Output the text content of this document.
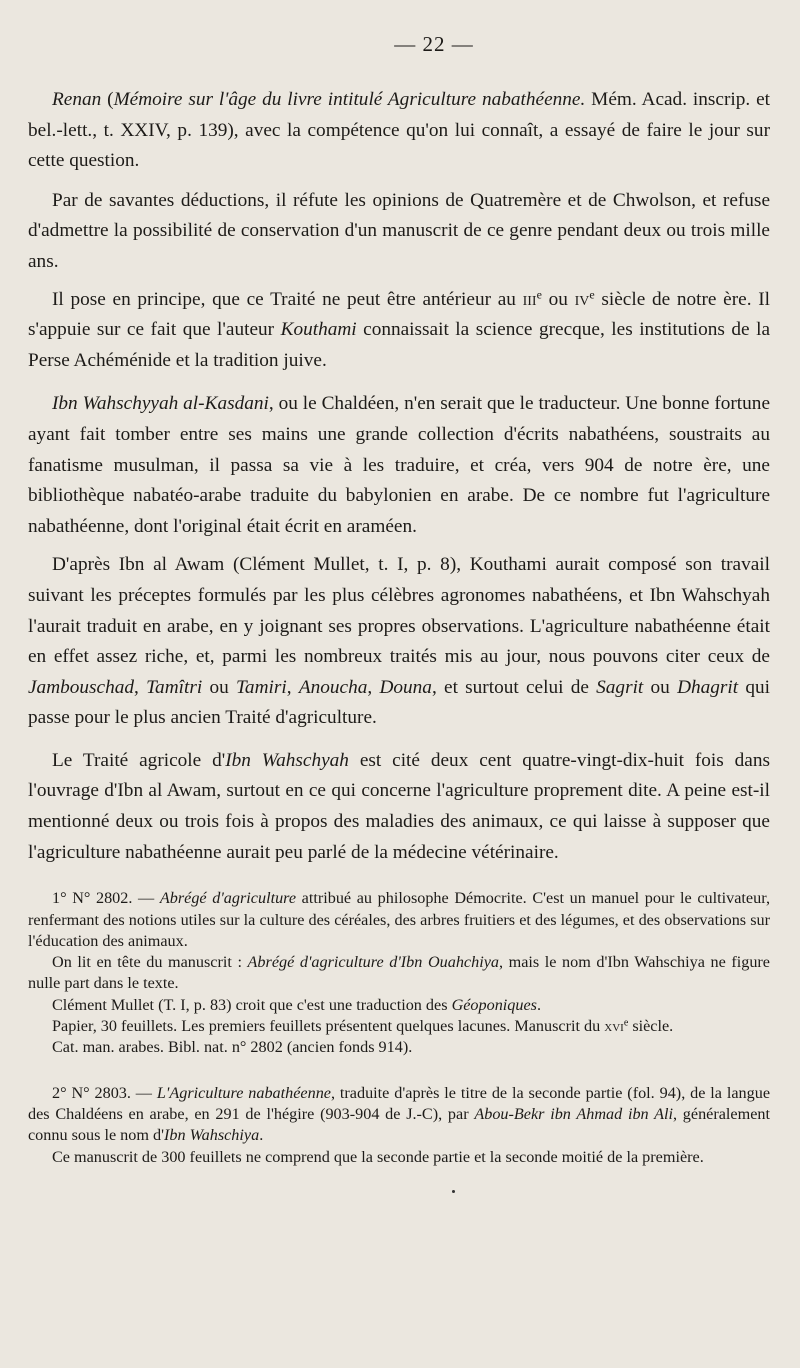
— 22 —

Renan (Mémoire sur l'âge du livre intitulé Agriculture nabathéenne. Mém. Acad. inscrip. et bel.-lett., t. XXIV, p. 139), avec la compétence qu'on lui connaît, a essayé de faire le jour sur cette question.

Par de savantes déductions, il réfute les opinions de Quatremère et de Chwolson, et refuse d'admettre la possibilité de conservation d'un manuscrit de ce genre pendant deux ou trois mille ans.

Il pose en principe, que ce Traité ne peut être antérieur au iii$^e$ ou $iv^e$ siècle de notre ère. Il s'appuie sur ce fait que l'auteur Kouthami connaissait la science grecque, les institutions de la Perse Achéménide et la tradition juive.

Ibn Wahschyyah al-Kasdani, ou le Chaldéen, n'en serait que le traducteur. Une bonne fortune ayant fait tomber entre ses mains une grande collection d'écrits nabathéens, soustraits au fanatisme musulman, il passa sa vie à les traduire, et créa, vers 904 de notre ère, une bibliothèque nabatéo-arabe traduite du babylonien en arabe. De ce nombre fut l'agriculture nabathéenne, dont l'original était écrit en araméen.

D'après Ibn al Awam (Clément Mullet, t. I, p. 8), Kouthami aurait composé son travail suivant les préceptes formulés par les plus célèbres agronomes nabathéens, et Ibn Wahschyah l'aurait traduit en arabe, en y joignant ses propres observations. L'agriculture nabathéenne était en effet assez riche, et, parmi les nombreux traités mis au jour, nous pouvons citer ceux de Jambouschad, Tamîtri ou Tamiri, Anoucha, Douna, et surtout celui de Sagrit ou Dhagrit qui passe pour le plus ancien Traité d'agriculture.

Le Traité agricole d'Ibn Wahschyah est cité deux cent quatre-vingt-dix-huit fois dans l'ouvrage d'Ibn al Awam, surtout en ce qui concerne l'agriculture proprement dite. A peine est-il mentionné deux ou trois fois à propos des maladies des animaux, ce qui laisse à supposer que l'agriculture nabathéenne aurait peu parlé de la médecine vétérinaire.

1° N° 2802. — Abrégé d'agriculture attribué au philosophe Démocrite. C'est un manuel pour le cultivateur, renfermant des notions utiles sur la culture des céréales, des arbres fruitiers et des légumes, et des observations sur l'éducation des animaux.

On lit en tête du manuscrit : Abrégé d'agriculture d'Ibn Ouahchiya, mais le nom d'Ibn Wahschiya ne figure nulle part dans le texte.

Clément Mullet (T. I, p. 83) croit que c'est une traduction des Géoponiques.

Papier, 30 feuillets. Les premiers feuillets présentent quelques lacunes. Manuscrit du xvi$^e$ siècle.

Cat. man. arabes. Bibl. nat. n° 2802 (ancien fonds 914).

2° N° 2803. — L'Agriculture nabathéenne, traduite d'après le titre de la seconde partie (fol. 94), de la langue des Chaldéens en arabe, en 291 de l'hégire (903-904 de J.-C), par Abou-Bekr ibn Ahmad ibn Ali, généralement connu sous le nom d'Ibn Wahschiya.

Ce manuscrit de 300 feuillets ne comprend que la seconde partie et la seconde moitié de la première.
